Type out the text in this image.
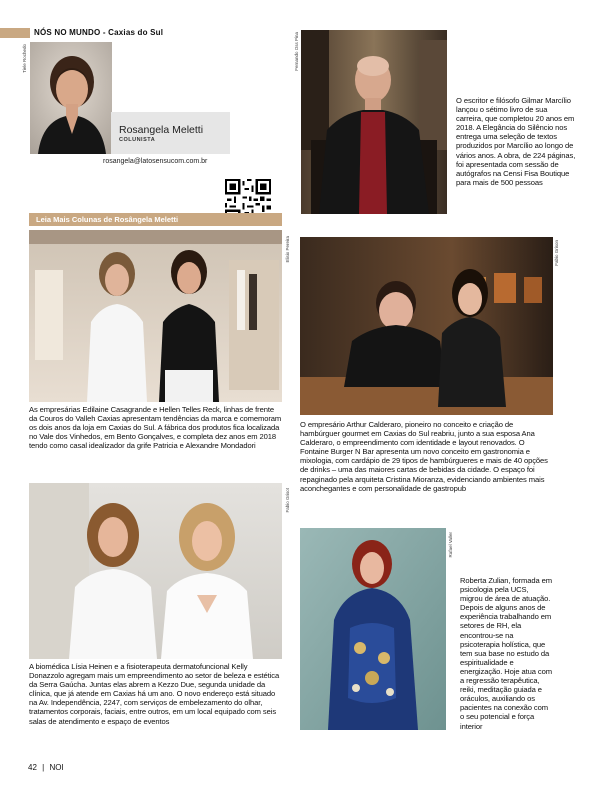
NÓS NO MUNDO - Caxias do Sul
Tiele Rochedo
Rosangela Meletti
COLUNISTA
rosangela@latosensucom.com.br
Leia Mais Colunas de Rosângela Meletti
Fernando Oss Pina
O escritor e filósofo Gilmar Marcílio lançou o sétimo livro de sua carreira, que completou 20 anos em 2018. A Elegância do Silêncio nos entrega uma seleção de textos produzidos por Marcílio ao longo de vários anos. A obra, de 224 páginas, foi apresentada com sessão de autógrafos na Censi Fisa Boutique para mais de 500 pessoas
Elisio Pereira
As empresárias Edilaine Casagrande e Hellen Telles Reck, linhas de frente da Couros do Valleh Caxias apresentam tendências da marca e comemoram os dois anos da loja em Caxias do Sul. A fábrica dos produtos fica localizada no Vale dos Vinhedos, em Bento Gonçalves, e completa dez anos em 2018 tendo como casal idealizador da grife Patricia e Alexandre Mondadori
Fabio Grison
O empresário Arthur Calderaro, pioneiro no conceito e criação de hambúrguer gourmet em Caxias do Sul reabriu, junto a sua esposa Ana Calderaro, o empreendimento com identidade e layout renovados. O Fontaine Burger N Bar apresenta um novo conceito em gastronomia e mixologia, com cardápio de 29 tipos de hambúrgueres e mais de 40 opções de drinks – uma das maiores cartas de bebidas da cidade. O espaço foi repaginado pela arquiteta Cristina Mioranza, evidenciando ambientes mais aconchegantes e com personalidade de gastropub
Fabio Grisot
A biomédica Lísia Heinen e a fisioterapeuta dermatofuncional Kelly Donazzolo agregam mais um empreendimento ao setor de beleza e estética da Serra Gaúcha. Juntas elas abrem a Kezzo Due, segunda unidade da clínica, que já atende em Caxias há um ano. O novo endereço está situado na Av. Independência, 2247, com serviços de embelezamento do olhar, tratamentos corporais, faciais, entre outros, em um local equipado com seis salas de atendimento e espaço de eventos
Rafael Valler
Roberta Zulian, formada em psicologia pela UCS, migrou de área de atuação. Depois de alguns anos de experiência trabalhando em setores de RH, ela encontrou-se na psicoterapia holística, que tem sua base no estudo da espiritualidade e energização. Hoje atua com a regressão terapêutica, reiki, meditação guiada e oráculos, auxiliando os pacientes na conexão com o seu potencial e força interior
42 | NOI
